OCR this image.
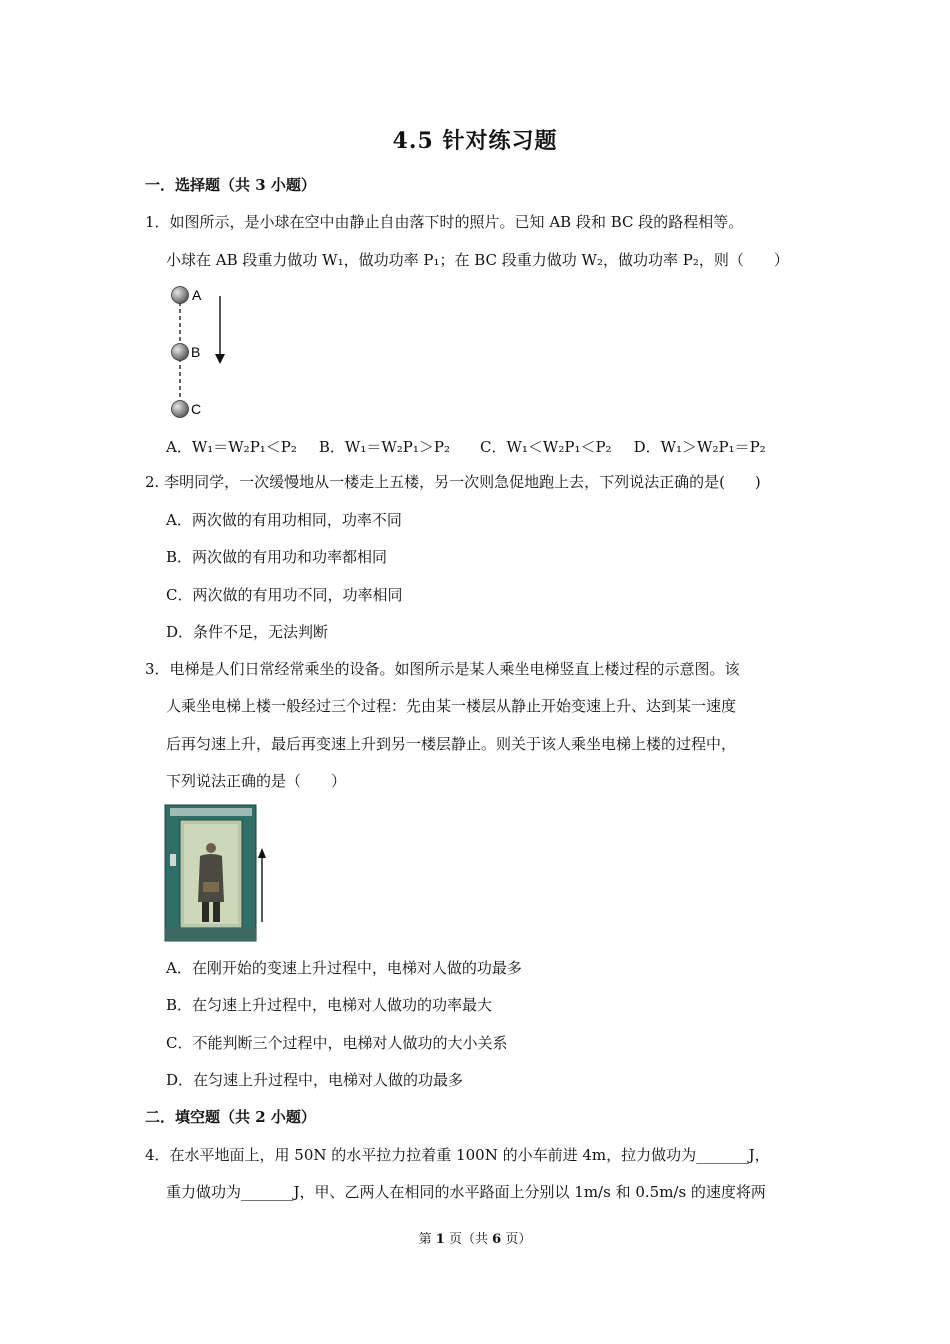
4.5 针对练习题
一．选择题（共 3 小题）
1．如图所示，是小球在空中由静止自由落下时的照片。已知 AB 段和 BC 段的路程相等。
小球在 AB 段重力做功 W₁，做功功率 P₁；在 BC 段重力做功 W₂，做功功率 P₂，则（　　）
A
B
C
A．W₁＝W₂P₁＜P₂ B．W₁＝W₂P₁＞P₂ C．W₁＜W₂P₁＜P₂ D．W₁＞W₂P₁＝P₂
2. 李明同学，一次缓慢地从一楼走上五楼，另一次则急促地跑上去，下列说法正确的是(　　)
A．两次做的有用功相同，功率不同
B．两次做的有用功和功率都相同
C．两次做的有用功不同，功率相同
D．条件不足，无法判断
3．电梯是人们日常经常乘坐的设备。如图所示是某人乘坐电梯竖直上楼过程的示意图。该
人乘坐电梯上楼一般经过三个过程：先由某一楼层从静止开始变速上升、达到某一速度
后再匀速上升，最后再变速上升到另一楼层静止。则关于该人乘坐电梯上楼的过程中，
下列说法正确的是（　　）
A．在刚开始的变速上升过程中，电梯对人做的功最多
B．在匀速上升过程中，电梯对人做功的功率最大
C．不能判断三个过程中，电梯对人做功的大小关系
D．在匀速上升过程中，电梯对人做的功最多
二．填空题（共 2 小题）
4．在水平地面上，用 50N 的水平拉力拉着重 100N 的小车前进 4m，拉力做功为_______J，
重力做功为_______J，甲、乙两人在相同的水平路面上分别以 1m/s 和 0.5m/s 的速度将两
第 1 页（共 6 页）
